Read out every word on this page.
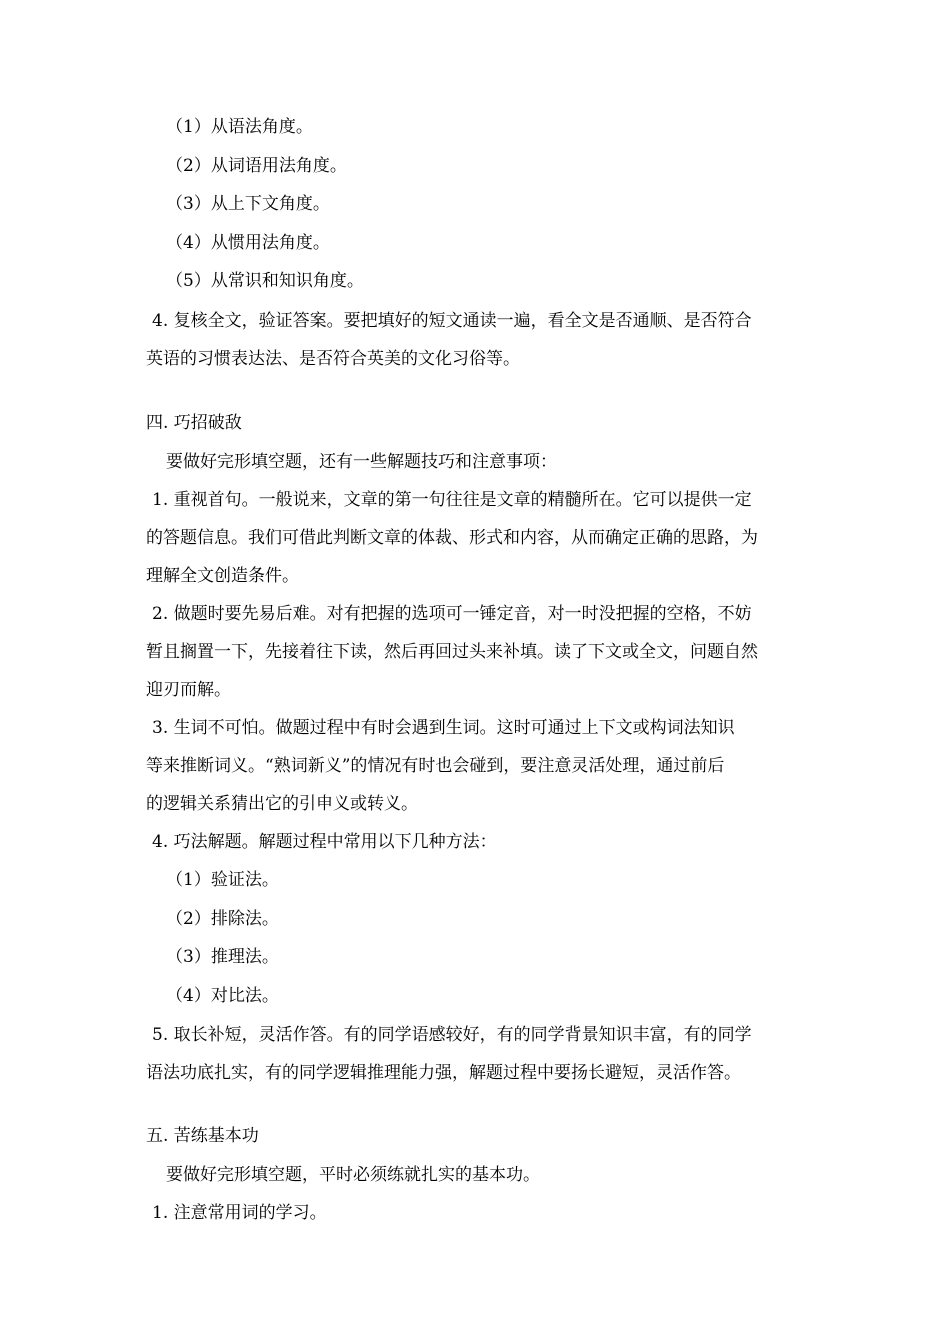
（1）从语法角度。
（2）从词语用法角度。
（3）从上下文角度。
（4）从惯用法角度。
（5）从常识和知识角度。
4. 复核全文，验证答案。要把填好的短文通读一遍，看全文是否通顺、是否符合
英语的习惯表达法、是否符合英美的文化习俗等。
四. 巧招破敌
要做好完形填空题，还有一些解题技巧和注意事项：
1. 重视首句。一般说来，文章的第一句往往是文章的精髓所在。它可以提供一定
的答题信息。我们可借此判断文章的体裁、形式和内容，从而确定正确的思路，为
理解全文创造条件。
2. 做题时要先易后难。对有把握的选项可一锤定音，对一时没把握的空格，不妨
暂且搁置一下，先接着往下读，然后再回过头来补填。读了下文或全文，问题自然
迎刃而解。
3. 生词不可怕。做题过程中有时会遇到生词。这时可通过上下文或构词法知识
等来推断词义。“熟词新义”的情况有时也会碰到，要注意灵活处理，通过前后
的逻辑关系猜出它的引申义或转义。
4. 巧法解题。解题过程中常用以下几种方法：
（1）验证法。
（2）排除法。
（3）推理法。
（4）对比法。
5. 取长补短，灵活作答。有的同学语感较好，有的同学背景知识丰富，有的同学
语法功底扎实，有的同学逻辑推理能力强，解题过程中要扬长避短，灵活作答。
五. 苦练基本功
要做好完形填空题，平时必须练就扎实的基本功。
1. 注意常用词的学习。
